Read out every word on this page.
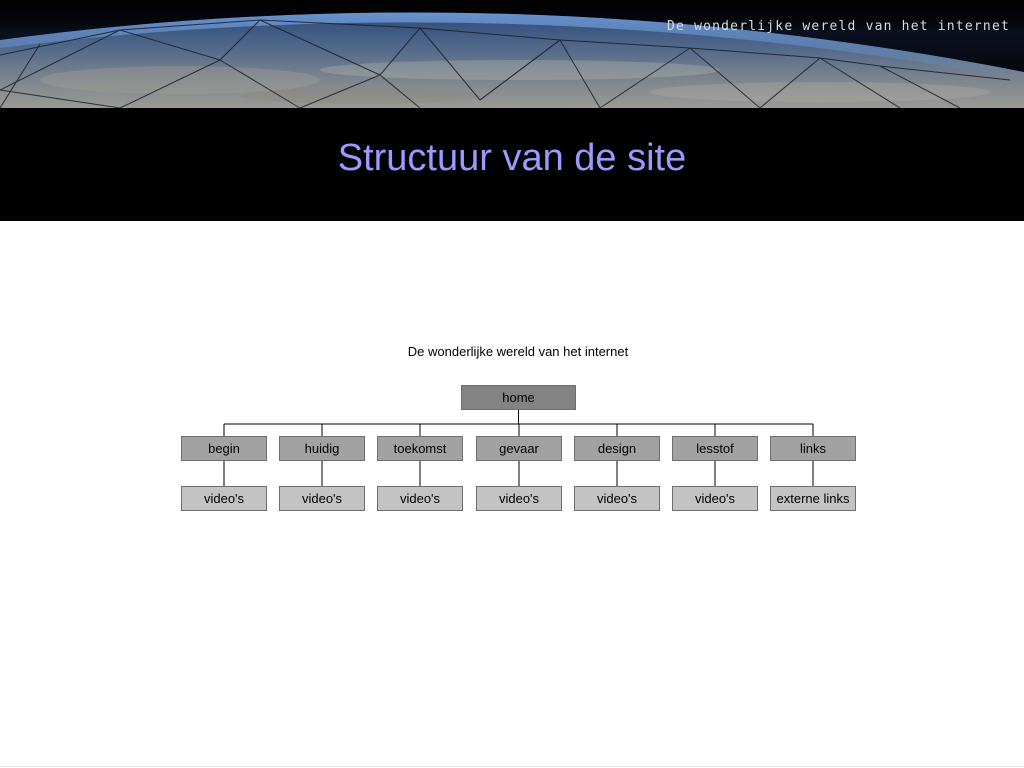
De wonderlijke wereld van het internet
Structuur van de site
De wonderlijke wereld van het internet
home
begin
video's
huidig
video's
toekomst
video's
gevaar
video's
design
video's
lesstof
video's
links
externe links
